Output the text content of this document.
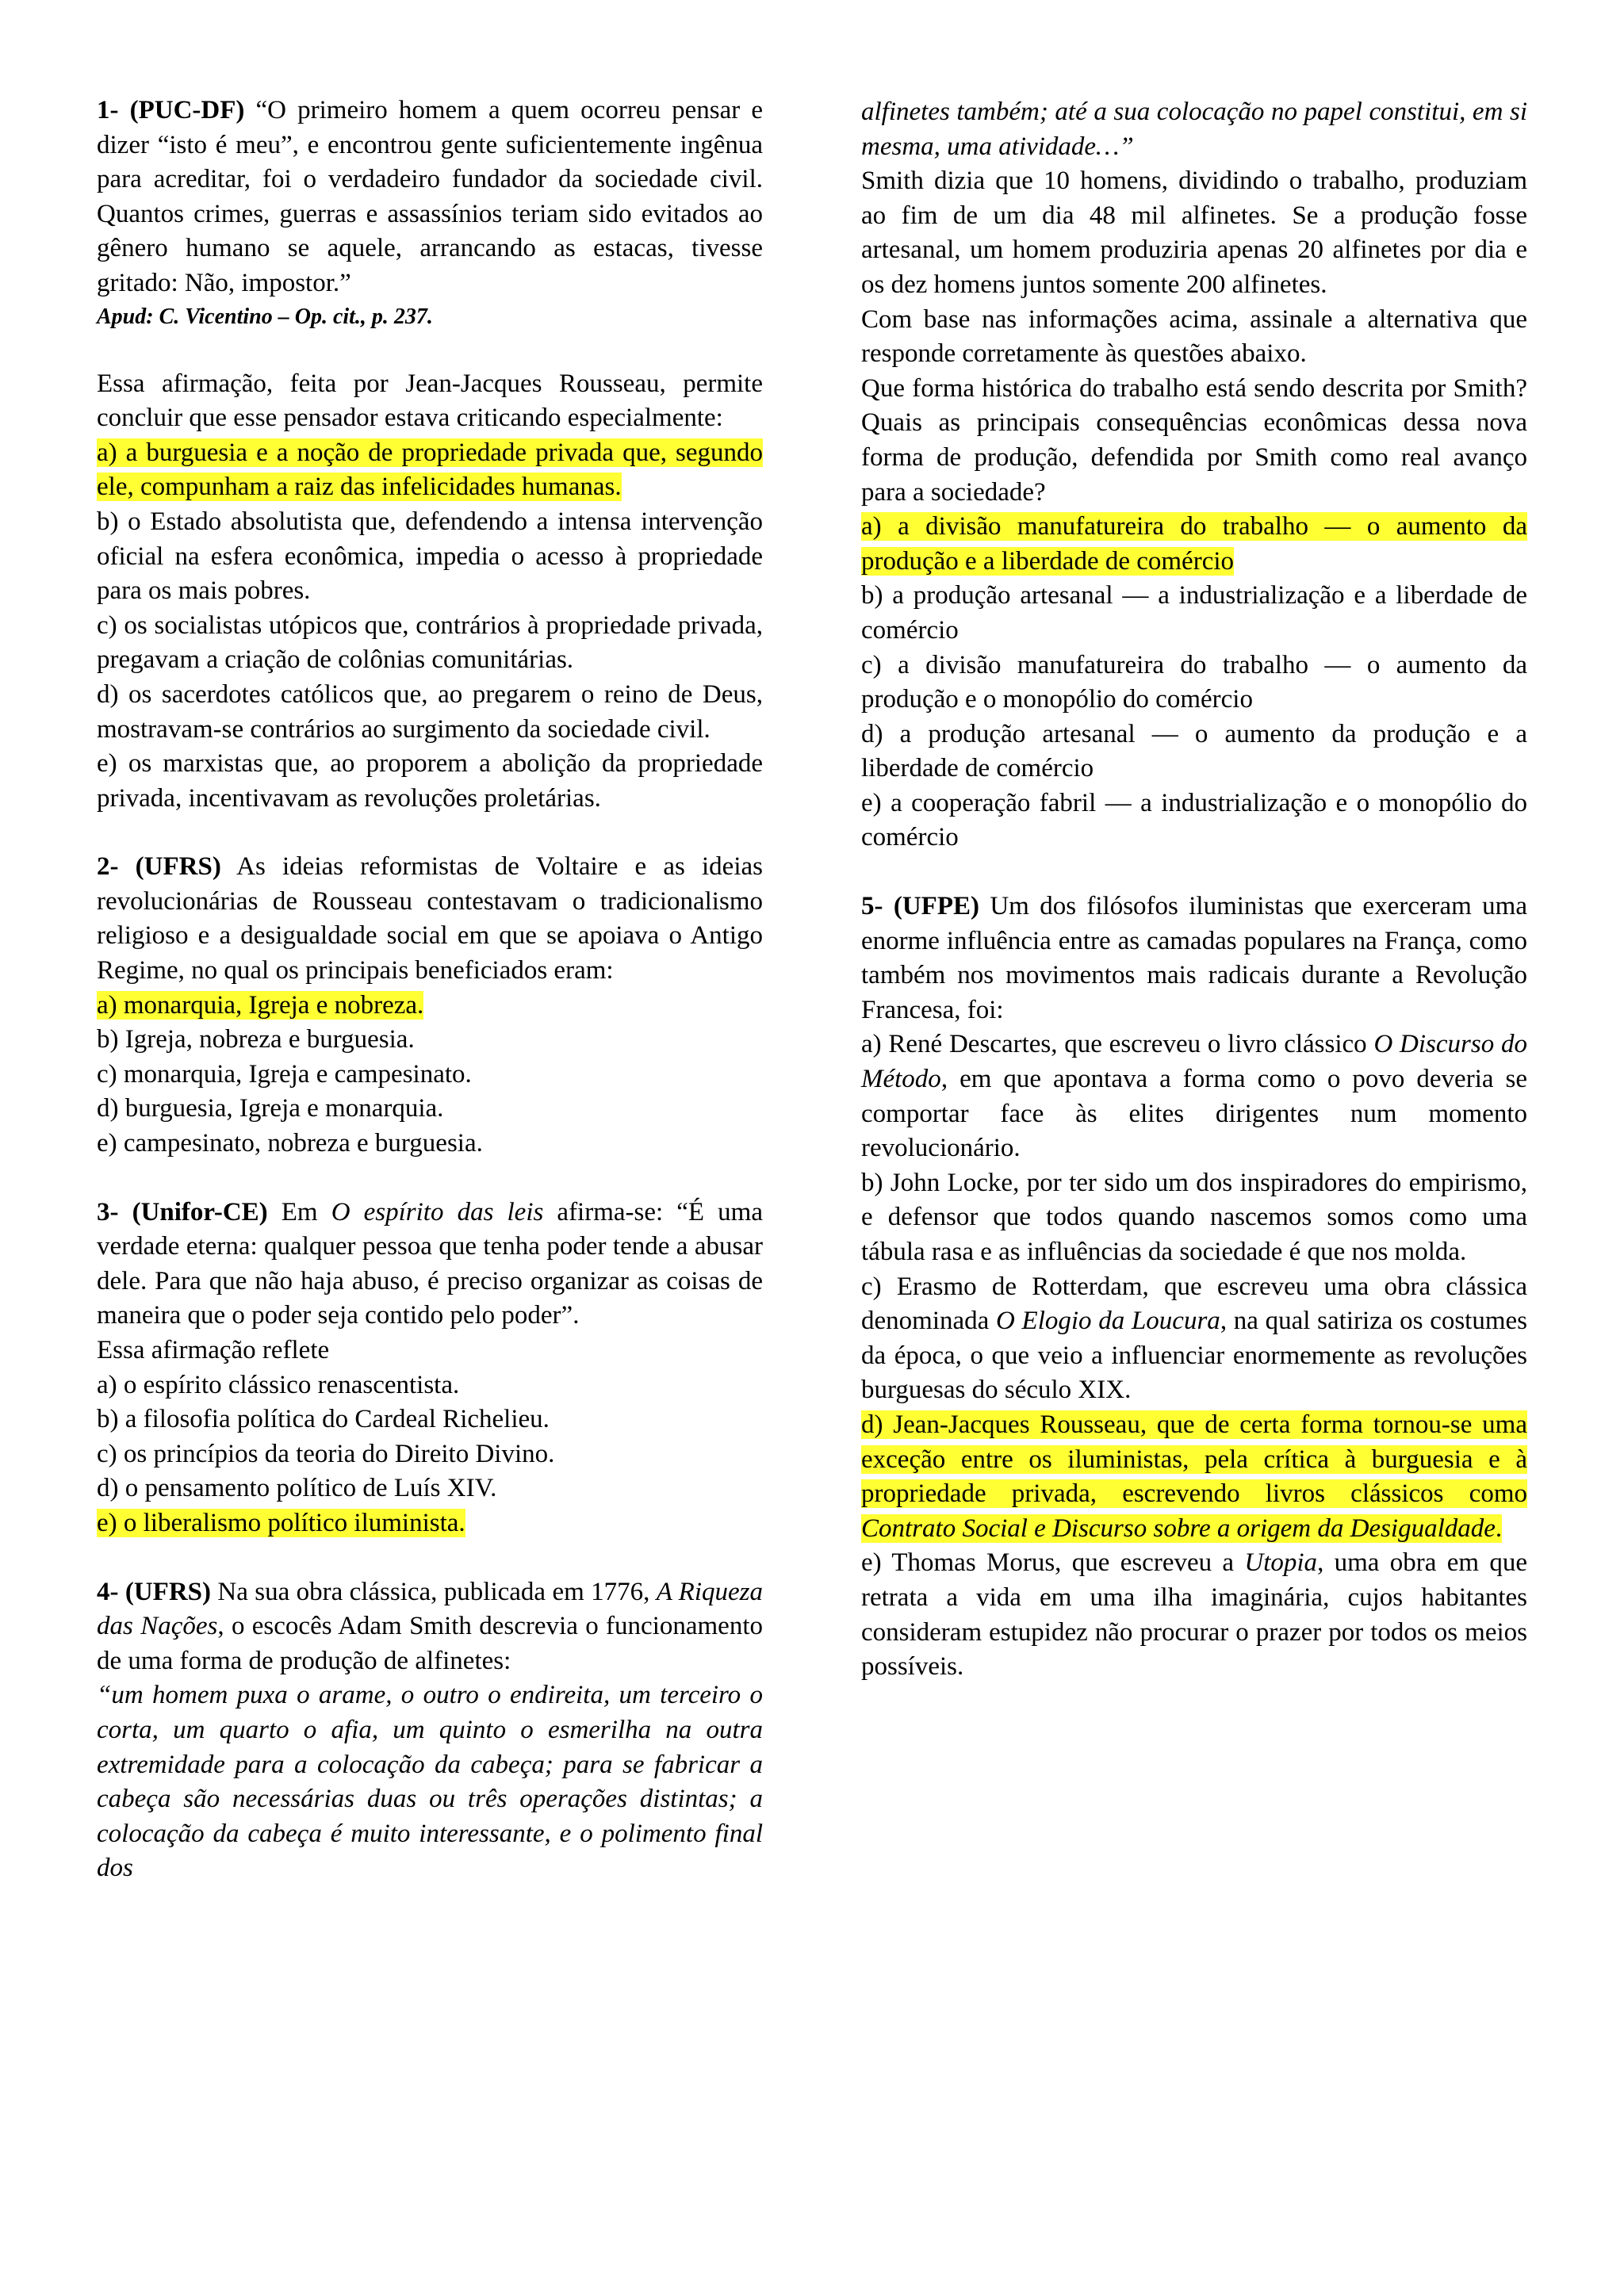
1- (PUC-DF) “O primeiro homem a quem ocorreu pensar e dizer “isto é meu”, e encontrou gente suficientemente ingênua para acreditar, foi o verdadeiro fundador da sociedade civil. Quantos crimes, guerras e assassínios teriam sido evitados ao gênero humano se aquele, arrancando as estacas, tivesse gritado: Não, impostor.”

Apud: C. Vicentino – Op. cit., p. 237.

Essa afirmação, feita por Jean-Jacques Rousseau, permite concluir que esse pensador estava criticando especialmente:

a) a burguesia e a noção de propriedade privada que, segundo ele, compunham a raiz das infelicidades humanas.

b) o Estado absolutista que, defendendo a intensa intervenção oficial na esfera econômica, impedia o acesso à propriedade para os mais pobres.

c) os socialistas utópicos que, contrários à propriedade privada, pregavam a criação de colônias comunitárias.

d) os sacerdotes católicos que, ao pregarem o reino de Deus, mostravam-se contrários ao surgimento da sociedade civil.

e) os marxistas que, ao proporem a abolição da propriedade privada, incentivavam as revoluções proletárias.

2- (UFRS) As ideias reformistas de Voltaire e as ideias revolucionárias de Rousseau contestavam o tradicionalismo religioso e a desigualdade social em que se apoiava o Antigo Regime, no qual os principais beneficiados eram:

a) monarquia, Igreja e nobreza.

b) Igreja, nobreza e burguesia.

c) monarquia, Igreja e campesinato.

d) burguesia, Igreja e monarquia.

e) campesinato, nobreza e burguesia.

3- (Unifor-CE) Em O espírito das leis afirma-se: “É uma verdade eterna: qualquer pessoa que tenha poder tende a abusar dele. Para que não haja abuso, é preciso organizar as coisas de maneira que o poder seja contido pelo poder”.

Essa afirmação reflete

a) o espírito clássico renascentista.

b) a filosofia política do Cardeal Richelieu.

c) os princípios da teoria do Direito Divino.

d) o pensamento político de Luís XIV.

e) o liberalismo político iluminista.

4- (UFRS) Na sua obra clássica, publicada em 1776, A Riqueza das Nações, o escocês Adam Smith descrevia o funcionamento de uma forma de produção de alfinetes:

“um homem puxa o arame, o outro o endireita, um terceiro o corta, um quarto o afia, um quinto o esmerilha na outra extremidade para a colocação da cabeça; para se fabricar a cabeça são necessárias duas ou três operações distintas; a colocação da cabeça é muito interessante, e o polimento final dos

alfinetes também; até a sua colocação no papel constitui, em si mesma, uma atividade…”

Smith dizia que 10 homens, dividindo o trabalho, produziam ao fim de um dia 48 mil alfinetes. Se a produção fosse artesanal, um homem produziria apenas 20 alfinetes por dia e os dez homens juntos somente 200 alfinetes.

Com base nas informações acima, assinale a alternativa que responde corretamente às questões abaixo.

Que forma histórica do trabalho está sendo descrita por Smith? Quais as principais consequências econômicas dessa nova forma de produção, defendida por Smith como real avanço para a sociedade?

a) a divisão manufatureira do trabalho — o aumento da produção e a liberdade de comércio

b) a produção artesanal — a industrialização e a liberdade de comércio

c) a divisão manufatureira do trabalho — o aumento da produção e o monopólio do comércio

d) a produção artesanal — o aumento da produção e a liberdade de comércio

e) a cooperação fabril — a industrialização e o monopólio do comércio

5- (UFPE) Um dos filósofos iluministas que exerceram uma enorme influência entre as camadas populares na França, como também nos movimentos mais radicais durante a Revolução Francesa, foi:

a) René Descartes, que escreveu o livro clássico O Discurso do Método, em que apontava a forma como o povo deveria se comportar face às elites dirigentes num momento revolucionário.

b) John Locke, por ter sido um dos inspiradores do empirismo, e defensor que todos quando nascemos somos como uma tábula rasa e as influências da sociedade é que nos molda.

c) Erasmo de Rotterdam, que escreveu uma obra clássica denominada O Elogio da Loucura, na qual satiriza os costumes da época, o que veio a influenciar enormemente as revoluções burguesas do século XIX.

d) Jean-Jacques Rousseau, que de certa forma tornou-se uma exceção entre os iluministas, pela crítica à burguesia e à propriedade privada, escrevendo livros clássicos como Contrato Social e Discurso sobre a origem da Desigualdade.

e) Thomas Morus, que escreveu a Utopia, uma obra em que retrata a vida em uma ilha imaginária, cujos habitantes consideram estupidez não procurar o prazer por todos os meios possíveis.
